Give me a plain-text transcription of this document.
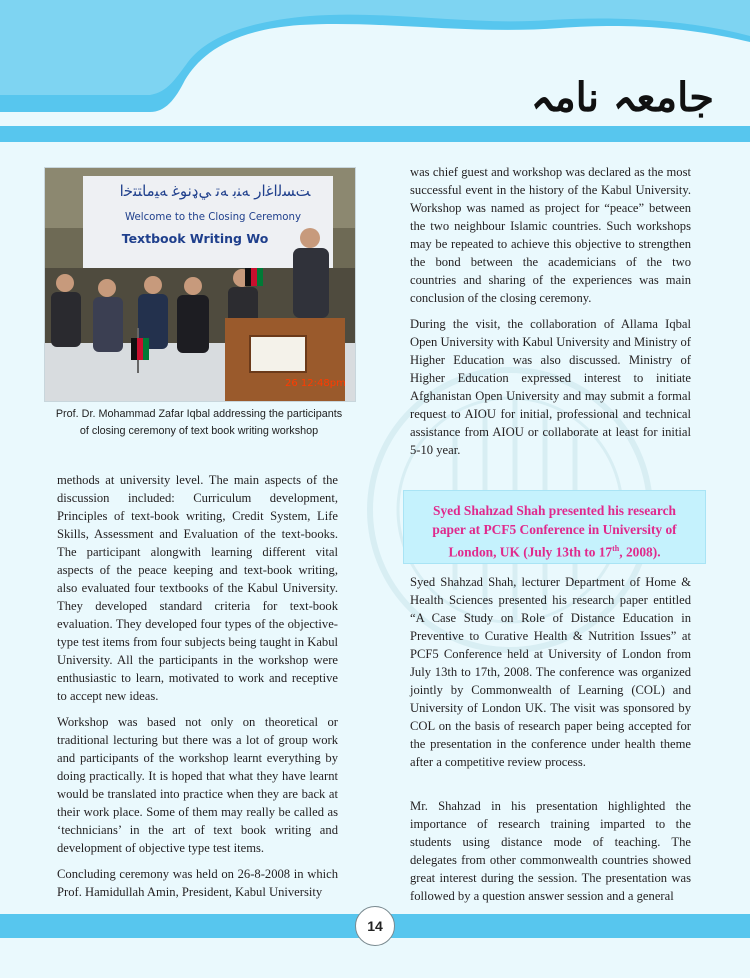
جامعہ نامہ
ﺖﺴﻟﺍﻏﺍﺭ ﻪﻨﺑ ﻪﺗ ﻲډﻧﻮﻏ ﻪﻴﻣﺎﺘﺘﺧﺍ
Welcome to the Closing Ceremony
Textbook Writing Wo
26 12:48pm
Prof. Dr. Mohammad Zafar Iqbal addressing the participants
of closing ceremony of text book writing workshop

methods at university level. The main aspects of the discussion included: Curriculum development, Principles of text-book writing, Credit System, Life Skills, Assessment and Evaluation of the text-books. The participant alongwith learning different vital aspects of the peace keeping and text-book writing, also evaluated four textbooks of the Kabul University. They developed standard criteria for text-book evaluation. They developed four types of the objective-type test items from four subjects being taught in Kabul University. All the participants in the workshop were enthusiastic to learn, motivated to work and receptive to accept new ideas.

Workshop was based not only on theoretical or traditional lecturing but there was a lot of group work and participants of the workshop learnt everything by doing practically. It is hoped that what they have learnt would be translated into practice when they are back at their work place. Some of them may really be called as ‘technicians’ in the art of text book writing and development of objective type test items.

Concluding ceremony was held on 26-8-2008 in which Prof. Hamidullah Amin, President, Kabul University

was chief guest and workshop was declared as the most successful event in the history of the Kabul University. Workshop was named as project for “peace” between the two neighbour Islamic countries. Such workshops may be repeated to achieve this objective to strengthen the bond between the academicians of the two countries and sharing of the experiences was main conclusion of the closing ceremony.

During the visit, the collaboration of Allama Iqbal Open University with Kabul University and Ministry of Higher Education was also discussed. Ministry of Higher Education expressed interest to initiate Afghanistan Open University and may submit a formal request to AIOU for initial, professional and technical assistance from AIOU or collaborate at least for initial 5-10 year.

Syed Shahzad Shah presented his research
paper at PCF5 Conference in University of
London, UK (July 13th to 17th, 2008).

Syed Shahzad Shah, lecturer Department of Home & Health Sciences presented his research paper entitled “A Case Study on Role of Distance Education in Preventive to Curative Health & Nutrition Issues” at PCF5 Conference held at University of London from July 13th to 17th, 2008. The conference was organized jointly by Commonwealth of Learning (COL) and University of London UK. The visit was sponsored by COL on the basis of research paper being accepted for the presentation in the conference under health theme after a competitive review process.

Mr. Shahzad in his presentation highlighted the importance of research training imparted to the students using distance mode of teaching. The delegates from other commonwealth countries showed great interest during the session. The presentation was followed by a question answer session and a general

14
